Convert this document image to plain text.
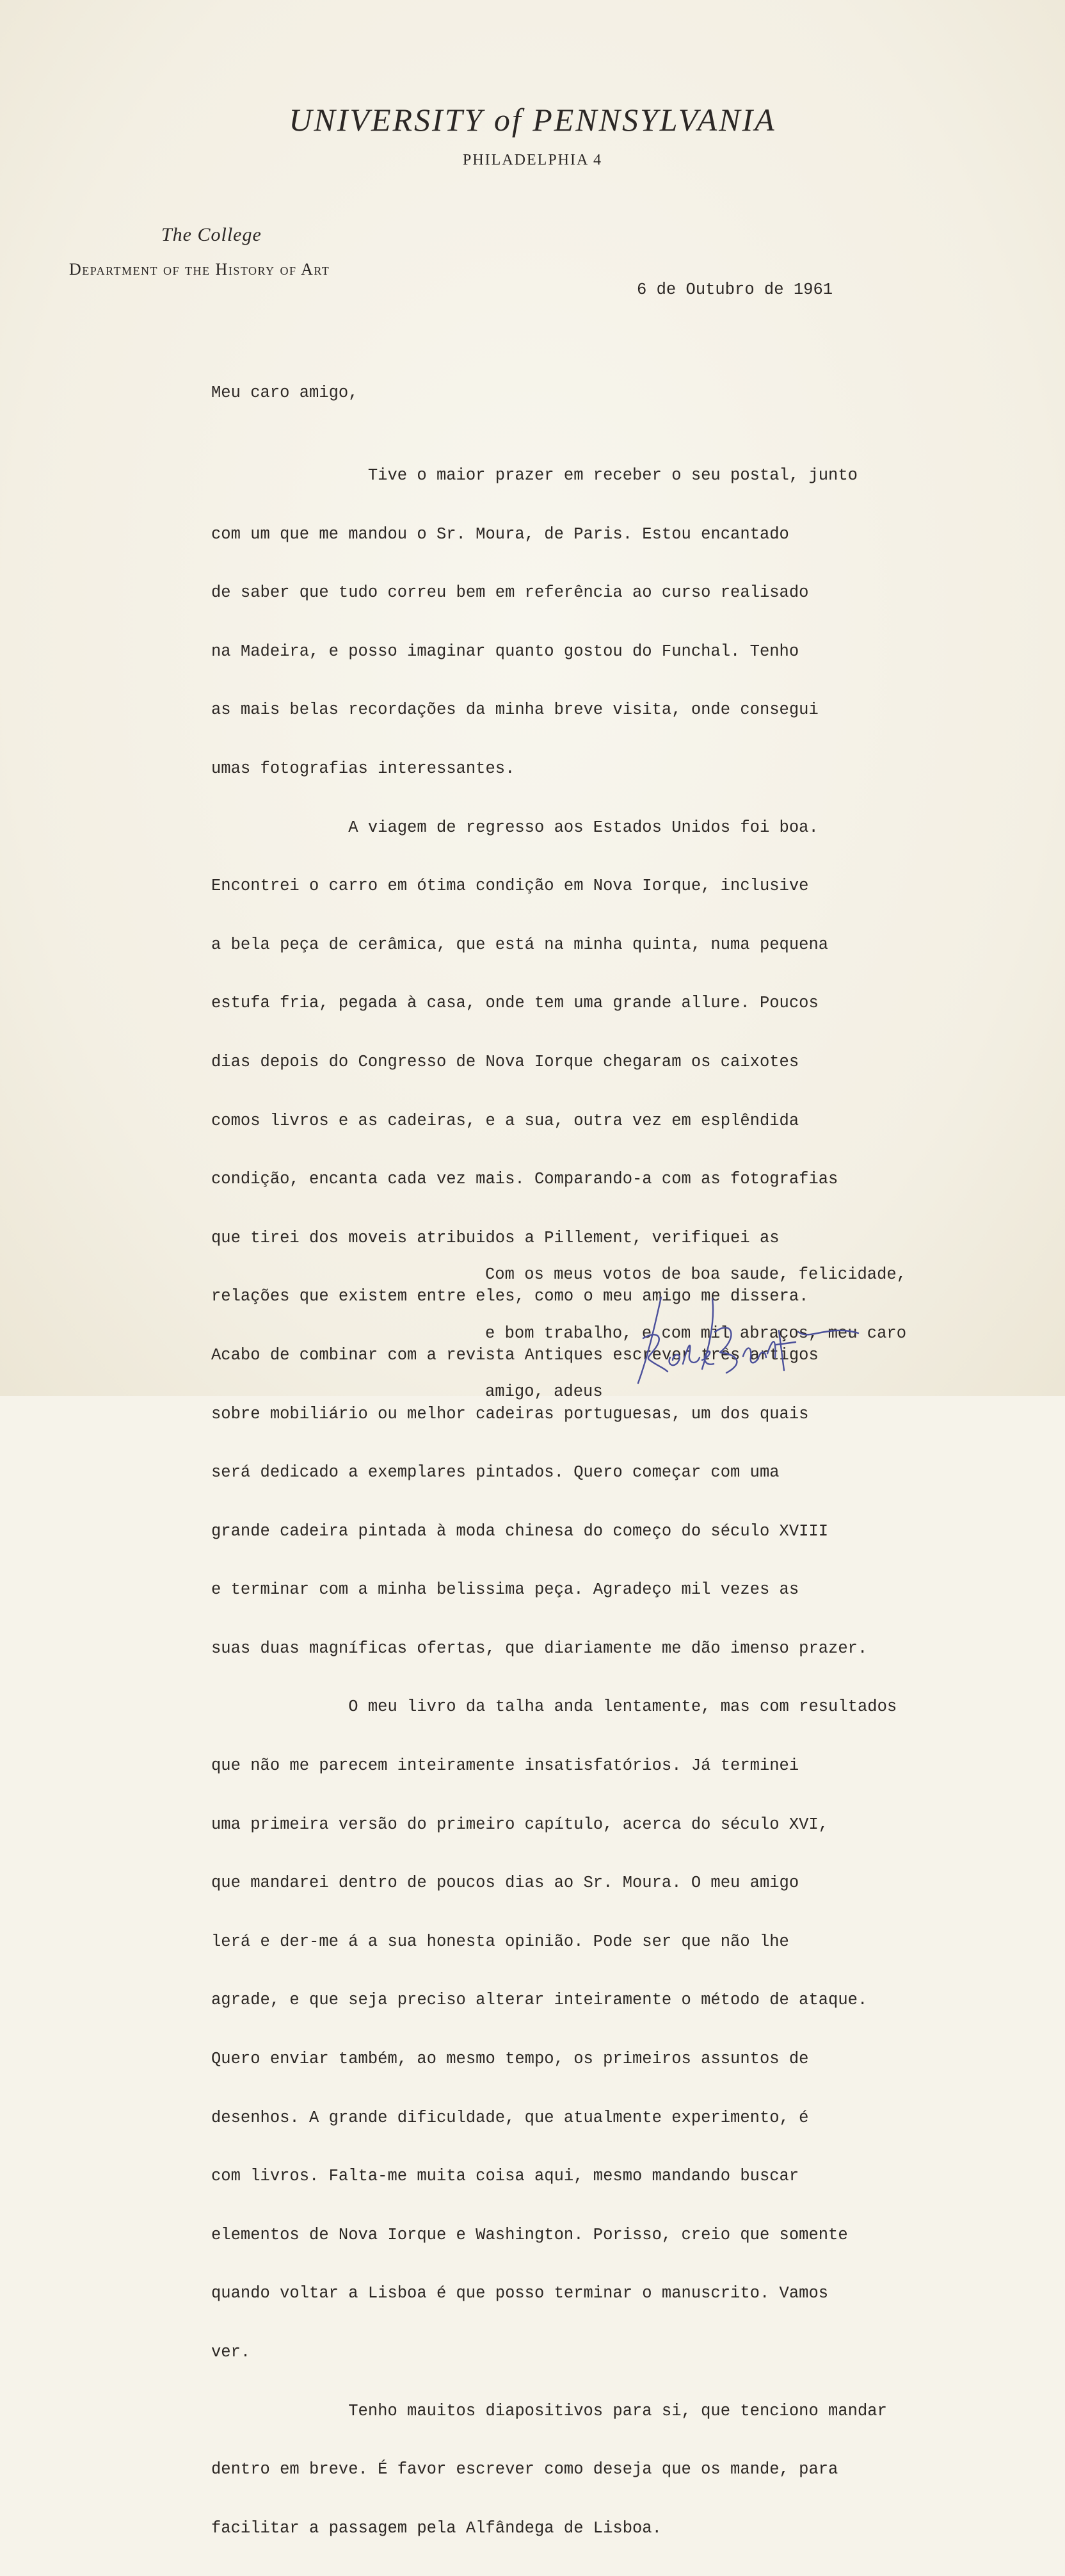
UNIVERSITY of PENNSYLVANIA
PHILADELPHIA 4
The College
Department of the History of Art
6 de Outubro de 1961
Meu caro amigo,

Tive o maior prazer em receber o seu postal, junto

com um que me mandou o Sr. Moura, de Paris. Estou encantado

de saber que tudo correu bem em referência ao curso realisado

na Madeira, e posso imaginar quanto gostou do Funchal. Tenho

as mais belas recordações da minha breve visita, onde consegui

umas fotografias interessantes.

A viagem de regresso aos Estados Unidos foi boa.

Encontrei o carro em ótima condição em Nova Iorque, inclusive

a bela peça de cerâmica, que está na minha quinta, numa pequena

estufa fria, pegada à casa, onde tem uma grande allure. Poucos

dias depois do Congresso de Nova Iorque chegaram os caixotes

comos livros e as cadeiras, e a sua, outra vez em esplêndida

condição, encanta cada vez mais. Comparando-a com as fotografias

que tirei dos moveis atribuidos a Pillement, verifiquei as

relações que existem entre eles, como o meu amigo me dissera.

Acabo de combinar com a revista Antiques escrever três artigos

sobre mobiliário ou melhor cadeiras portuguesas, um dos quais

será dedicado a exemplares pintados. Quero começar com uma

grande cadeira pintada à moda chinesa do começo do século XVIII

e terminar com a minha belissima peça. Agradeço mil vezes as

suas duas magníficas ofertas, que diariamente me dão imenso prazer.

O meu livro da talha anda lentamente, mas com resultados

que não me parecem inteiramente insatisfatórios. Já terminei

uma primeira versão do primeiro capítulo, acerca do século XVI,

que mandarei dentro de poucos dias ao Sr. Moura. O meu amigo

lerá e der-me á a sua honesta opinião. Pode ser que não lhe

agrade, e que seja preciso alterar inteiramente o método de ataque.

Quero enviar também, ao mesmo tempo, os primeiros assuntos de

desenhos. A grande dificuldade, que atualmente experimento, é

com livros. Falta-me muita coisa aqui, mesmo mandando buscar

elementos de Nova Iorque e Washington. Porisso, creio que somente

quando voltar a Lisboa é que posso terminar o manuscrito. Vamos

ver.

Tenho mauitos diapositivos para si, que tenciono mandar

dentro em breve. É favor escrever como deseja que os mande, para

facilitar a passagem pela Alfândega de Lisboa.

Com os meus votos de boa saude, felicidade,

e bom trabalho, e com mil abraços, meu caro

amigo, adeus
